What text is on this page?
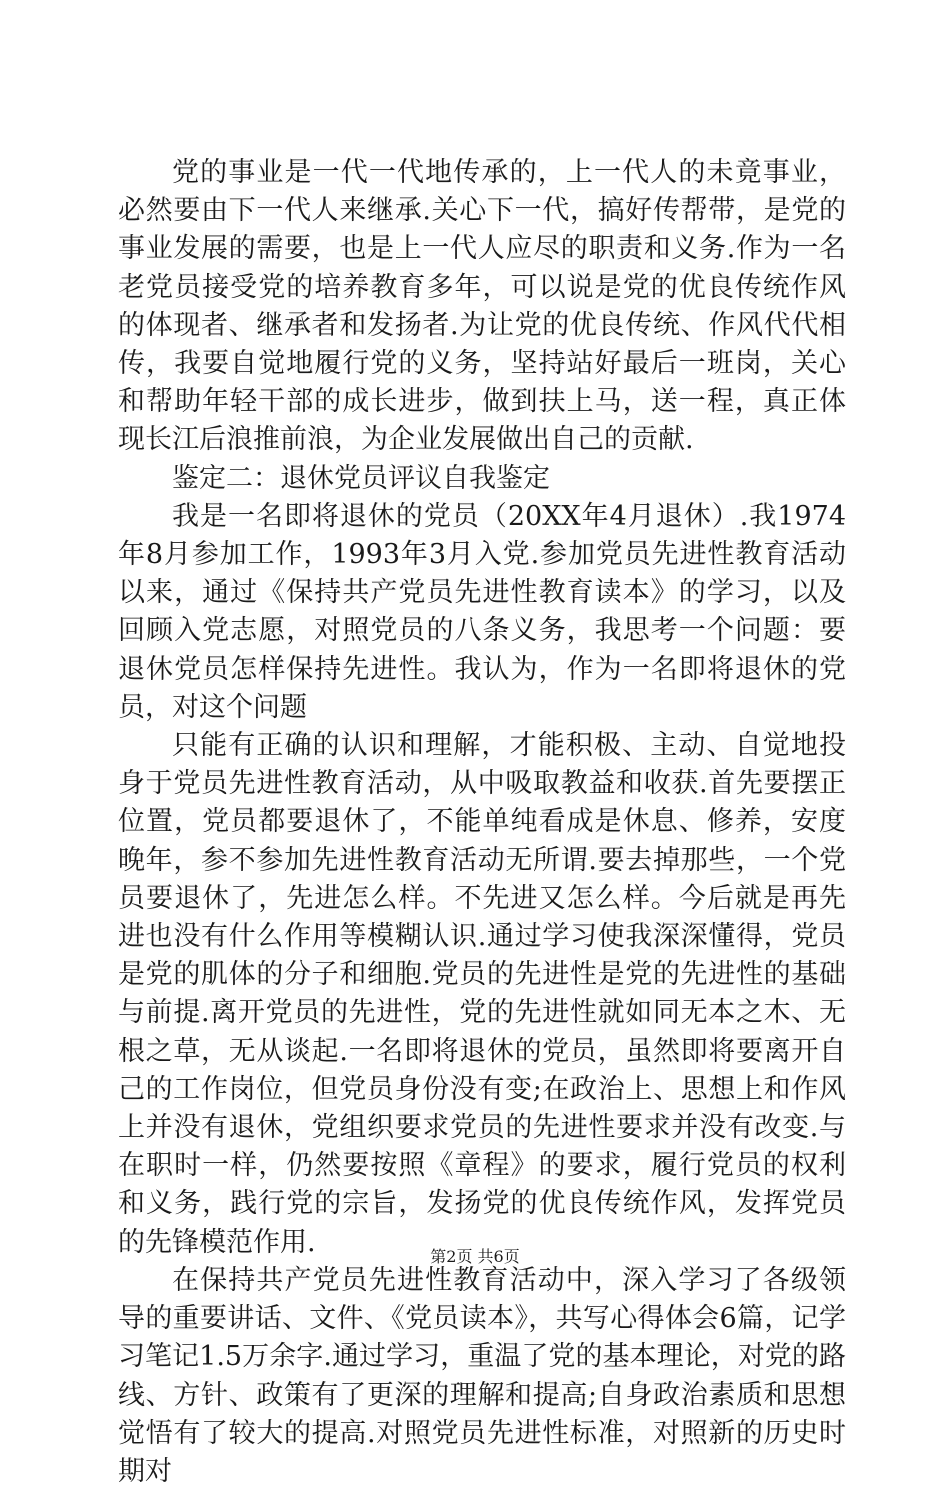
党的事业是一代一代地传承的，上一代人的未竟事业，必然要由下一代人来继承.关心下一代，搞好传帮带，是党的事业发展的需要，也是上一代人应尽的职责和义务.作为一名老党员接受党的培养教育多年，可以说是党的优良传统作风的体现者、继承者和发扬者.为让党的优良传统、作风代代相传，我要自觉地履行党的义务，坚持站好最后一班岗，关心和帮助年轻干部的成长进步，做到扶上马，送一程，真正体现长江后浪推前浪，为企业发展做出自己的贡献.

鉴定二：退休党员评议自我鉴定

我是一名即将退休的党员（20XX年4月退休）.我1974年8月参加工作，1993年3月入党.参加党员先进性教育活动以来，通过《保持共产党员先进性教育读本》的学习，以及回顾入党志愿，对照党员的八条义务，我思考一个问题：要退休党员怎样保持先进性。我认为，作为一名即将退休的党员，对这个问题

只能有正确的认识和理解，才能积极、主动、自觉地投身于党员先进性教育活动，从中吸取教益和收获.首先要摆正位置，党员都要退休了，不能单纯看成是休息、修养，安度晚年，参不参加先进性教育活动无所谓.要去掉那些，一个党员要退休了，先进怎么样。不先进又怎么样。今后就是再先进也没有什么作用等模糊认识.通过学习使我深深懂得，党员是党的肌体的分子和细胞.党员的先进性是党的先进性的基础与前提.离开党员的先进性，党的先进性就如同无本之木、无根之草，无从谈起.一名即将退休的党员，虽然即将要离开自己的工作岗位，但党员身份没有变;在政治上、思想上和作风上并没有退休，党组织要求党员的先进性要求并没有改变.与在职时一样，仍然要按照《章程》的要求，履行党员的权利和义务，践行党的宗旨，发扬党的优良传统作风，发挥党员的先锋模范作用.

在保持共产党员先进性教育活动中，深入学习了各级领导的重要讲话、文件、《党员读本》，共写心得体会6篇，记学习笔记1.5万余字.通过学习，重温了党的基本理论，对党的路线、方针、政策有了更深的理解和提高;自身政治素质和思想觉悟有了较大的提高.对照党员先进性标准，对照新的历史时期对

第2页 共6页
